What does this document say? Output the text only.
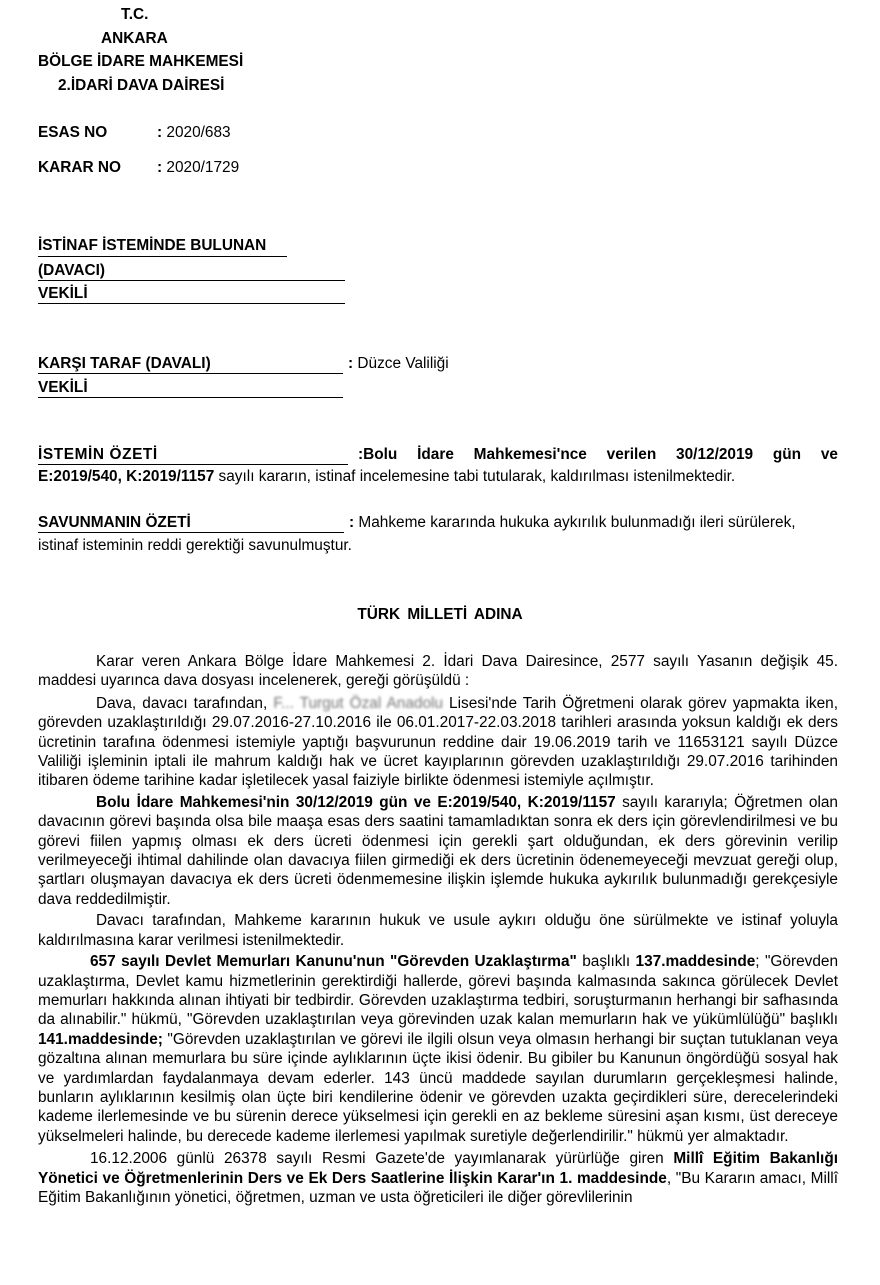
T.C.
ANKARA
BÖLGE İDARE MAHKEMESİ
2.İDARİ DAVA DAİRESİ
ESAS NO	: 2020/683
KARAR NO : 2020/1729
İSTİNAF İSTEMİNDE BULUNAN
(DAVACI)
VEKİLİ
KARŞI TARAF (DAVALI)	: Düzce Valiliği
VEKİLİ
İSTEMİN ÖZETİ	:Bolu İdare Mahkemesi'nce verilen 30/12/2019 gün ve
E:2019/540, K:2019/1157 sayılı kararın, istinaf incelemesine tabi tutularak, kaldırılması istenilmektedir.
SAVUNMANIN ÖZETİ	: Mahkeme kararında hukuka aykırılık bulunmadığı ileri sürülerek,
istinaf isteminin reddi gerektiği savunulmuştur.
TÜRK MİLLETİ ADINA

Karar veren Ankara Bölge İdare Mahkemesi 2. İdari Dava Dairesince, 2577 sayılı Yasanın değişik 45. maddesi uyarınca dava dosyası incelenerek, gereği görüşüldü :

Dava, davacı tarafından, F... Turgut Özal Anadolu Lisesi'nde Tarih Öğretmeni olarak görev yapmakta iken, görevden uzaklaştırıldığı 29.07.2016-27.10.2016 ile 06.01.2017-22.03.2018 tarihleri arasında yoksun kaldığı ek ders ücretinin tarafına ödenmesi istemiyle yaptığı başvurunun reddine dair 19.06.2019 tarih ve 11653121 sayılı Düzce Valiliği işleminin iptali ile mahrum kaldığı hak ve ücret kayıplarının görevden uzaklaştırıldığı 29.07.2016 tarihinden itibaren ödeme tarihine kadar işletilecek yasal faiziyle birlikte ödenmesi istemiyle açılmıştır.

Bolu İdare Mahkemesi'nin 30/12/2019 gün ve E:2019/540, K:2019/1157 sayılı kararıyla; Öğretmen olan davacının görevi başında olsa bile maaşa esas ders saatini tamamladıktan sonra ek ders için görevlendirilmesi ve bu görevi fiilen yapmış olması ek ders ücreti ödenmesi için gerekli şart olduğundan, ek ders görevinin verilip verilmeyeceği ihtimal dahilinde olan davacıya fiilen girmediği ek ders ücretinin ödenemeyeceği mevzuat gereği olup, şartları oluşmayan davacıya ek ders ücreti ödenmemesine ilişkin işlemde hukuka aykırılık bulunmadığı gerekçesiyle dava reddedilmiştir.

Davacı tarafından, Mahkeme kararının hukuk ve usule aykırı olduğu öne sürülmekte ve istinaf yoluyla kaldırılmasına karar verilmesi istenilmektedir.

657 sayılı Devlet Memurları Kanunu'nun "Görevden Uzaklaştırma" başlıklı 137.maddesinde; "Görevden uzaklaştırma, Devlet kamu hizmetlerinin gerektirdiği hallerde, görevi başında kalmasında sakınca görülecek Devlet memurları hakkında alınan ihtiyati bir tedbirdir. Görevden uzaklaştırma tedbiri, soruşturmanın herhangi bir safhasında da alınabilir." hükmü, "Görevden uzaklaştırılan veya görevinden uzak kalan memurların hak ve yükümlülüğü" başlıklı 141.maddesinde; "Görevden uzaklaştırılan ve görevi ile ilgili olsun veya olmasın herhangi bir suçtan tutuklanan veya gözaltına alınan memurlara bu süre içinde aylıklarının üçte ikisi ödenir. Bu gibiler bu Kanunun öngördüğü sosyal hak ve yardımlardan faydalanmaya devam ederler. 143 üncü maddede sayılan durumların gerçekleşmesi halinde, bunların aylıklarının kesilmiş olan üçte biri kendilerine ödenir ve görevden uzakta geçirdikleri süre, derecelerindeki kademe ilerlemesinde ve bu sürenin derece yükselmesi için gerekli en az bekleme süresini aşan kısmı, üst dereceye yükselmeleri halinde, bu derecede kademe ilerlemesi yapılmak suretiyle değerlendirilir." hükmü yer almaktadır.

16.12.2006 günlü 26378 sayılı Resmi Gazete'de yayımlanarak yürürlüğe giren Millî Eğitim Bakanlığı Yönetici ve Öğretmenlerinin Ders ve Ek Ders Saatlerine İlişkin Karar'ın 1. maddesinde, "Bu Kararın amacı, Millî Eğitim Bakanlığının yönetici, öğretmen, uzman ve usta öğreticileri ile diğer görevlilerinin
